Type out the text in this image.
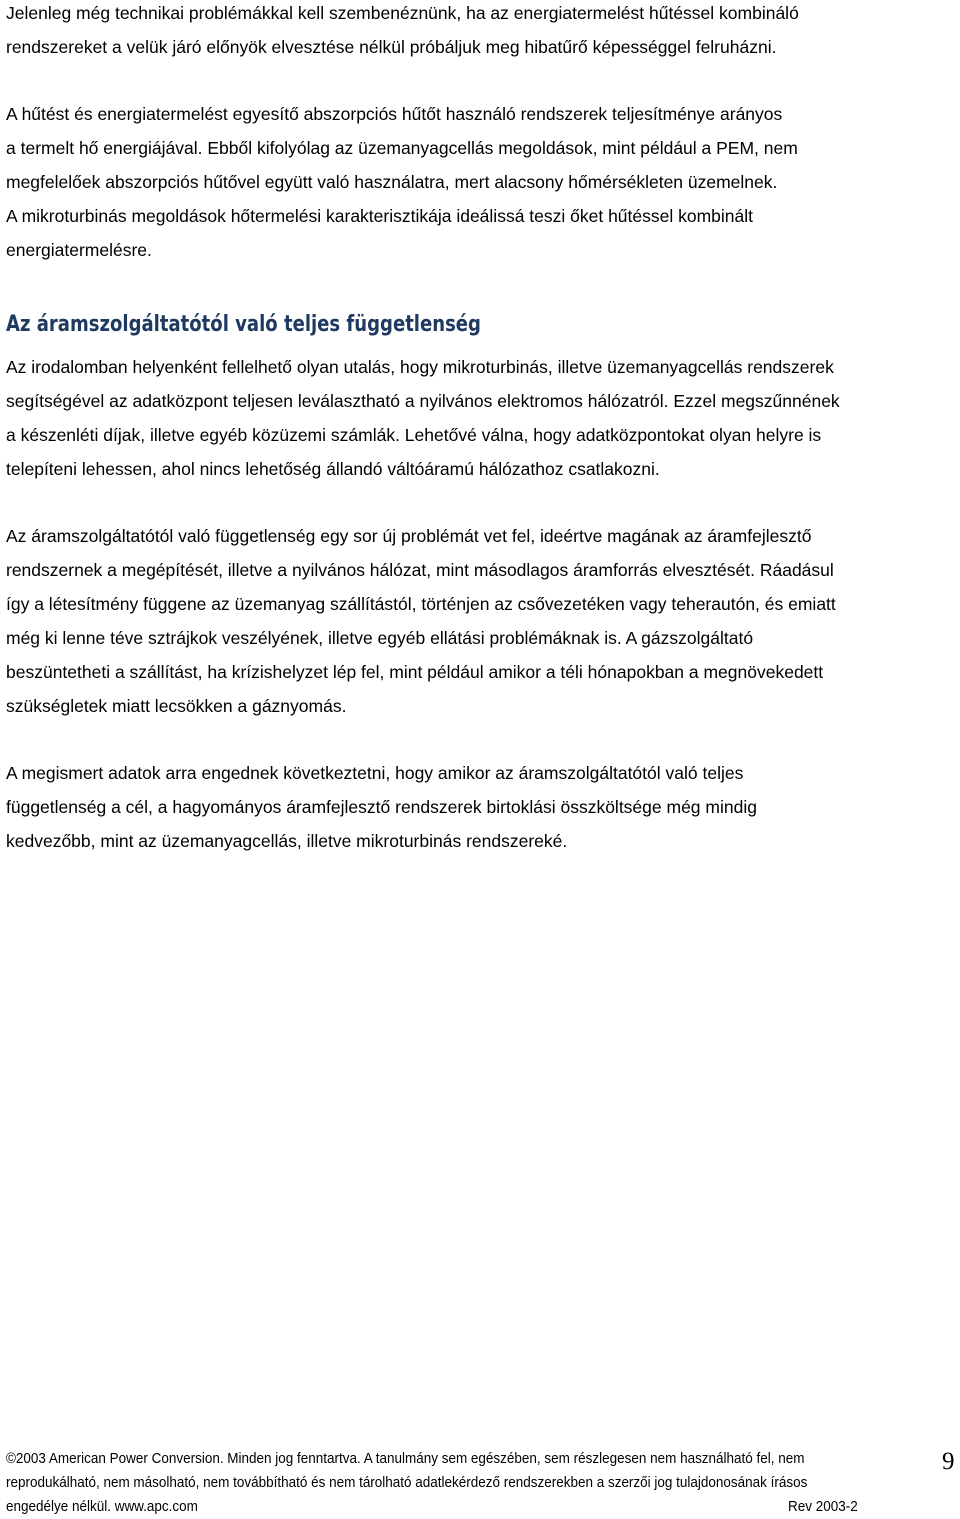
Jelenleg még technikai problémákkal kell szembenéznünk, ha az energiatermelést hűtéssel kombináló
rendszereket a velük járó előnyök elvesztése nélkül próbáljuk meg hibatűrő képességgel felruházni.

A hűtést és energiatermelést egyesítő abszorpciós hűtőt használó rendszerek teljesítménye arányos
a termelt hő energiájával. Ebből kifolyólag az üzemanyagcellás megoldások, mint például a PEM, nem
megfelelőek abszorpciós hűtővel együtt való használatra, mert alacsony hőmérsékleten üzemelnek.
A mikroturbinás megoldások hőtermelési karakterisztikája ideálissá teszi őket hűtéssel kombinált
energiatermelésre.

Az áramszolgáltatótól való teljes függetlenség

Az irodalomban helyenként fellelhető olyan utalás, hogy mikroturbinás, illetve üzemanyagcellás rendszerek
segítségével az adatközpont teljesen leválasztható a nyilvános elektromos hálózatról. Ezzel megszűnnének
a készenléti díjak, illetve egyéb közüzemi számlák. Lehetővé válna, hogy adatközpontokat olyan helyre is
telepíteni lehessen, ahol nincs lehetőség állandó váltóáramú hálózathoz csatlakozni.

Az áramszolgáltatótól való függetlenség egy sor új problémát vet fel, ideértve magának az áramfejlesztő
rendszernek a megépítését, illetve a nyilvános hálózat, mint másodlagos áramforrás elvesztését. Ráadásul
így a létesítmény függene az üzemanyag szállítástól, történjen az csővezetéken vagy teherautón, és emiatt
még ki lenne téve sztrájkok veszélyének, illetve egyéb ellátási problémáknak is. A gázszolgáltató
beszüntetheti a szállítást, ha krízishelyzet lép fel, mint például amikor a téli hónapokban a megnövekedett
szükségletek miatt lecsökken a gáznyomás.

A megismert adatok arra engednek következtetni, hogy amikor az áramszolgáltatótól való teljes
függetlenség a cél, a hagyományos áramfejlesztő rendszerek birtoklási összköltsége még mindig
kedvezőbb, mint az üzemanyagcellás, illetve mikroturbinás rendszereké.

©2003 American Power Conversion. Minden jog fenntartva. A tanulmány sem egészében, sem részlegesen nem használható fel, nem
reprodukálható, nem másolható, nem továbbítható és nem tárolható adatlekérdező rendszerekben a szerzői jog tulajdonosának írásos
engedélye nélkül. www.apc.com	Rev 2003-2
9
